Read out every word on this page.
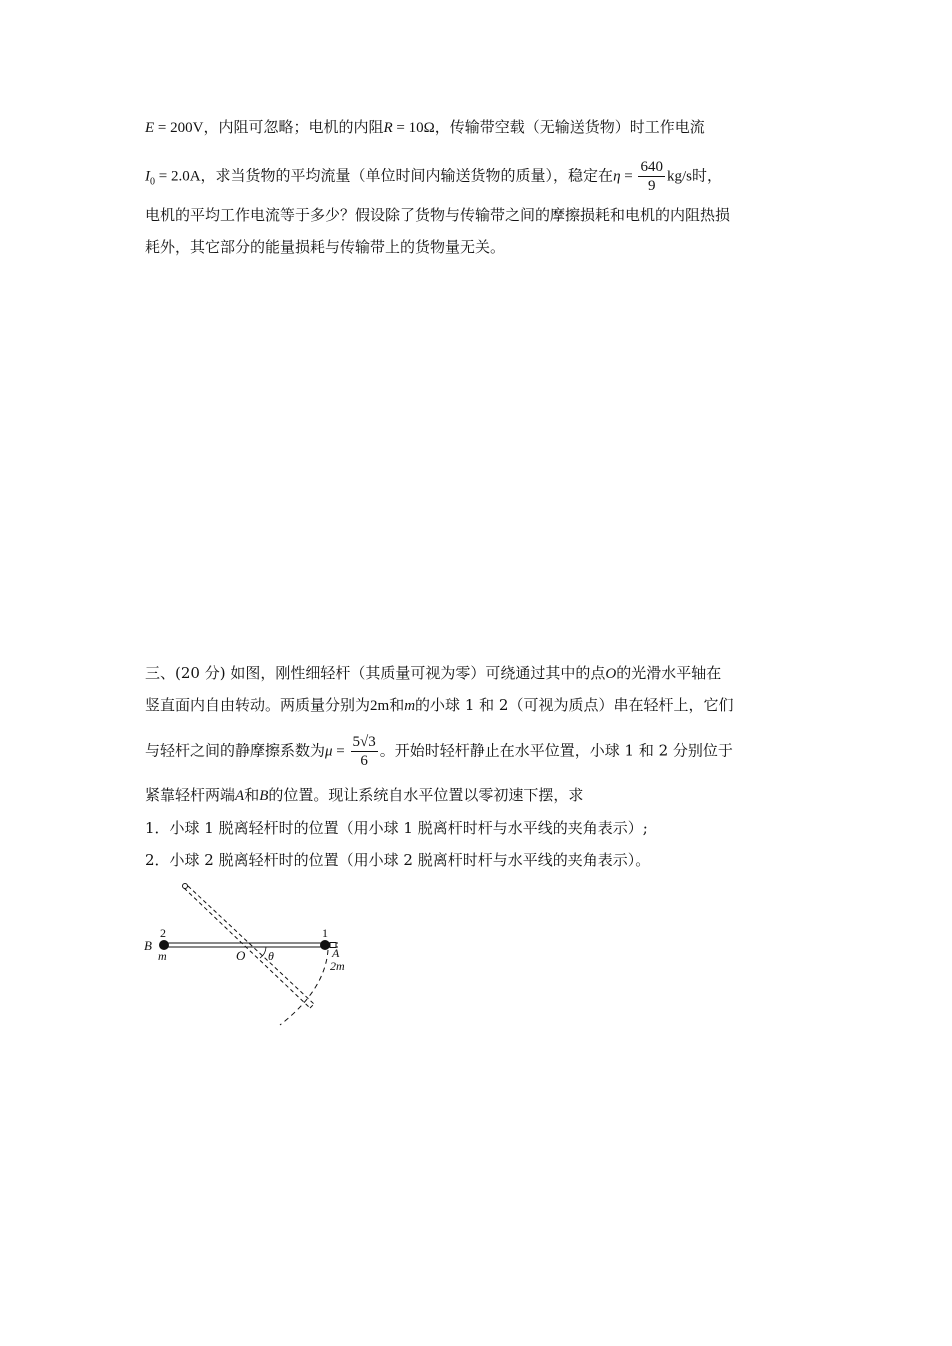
E = 200V，内阻可忽略；电机的内阻R = 10Ω，传输带空载（无输送货物）时工作电流
$I_0 = 2.0A$，求当货物的平均流量（单位时间内输送货物的质量），稳定在$\eta = \frac{640}{9} kg/s$时，
电机的平均工作电流等于多少？假设除了货物与传输带之间的摩擦损耗和电机的内阻热损
耗外，其它部分的能量损耗与传输带上的货物量无关。
三、(20 分) 如图，刚性细轻杆（其质量可视为零）可绕通过其中的点O的光滑水平轴在
竖直面内自由转动。两质量分别为2m和m的小球 1 和 2（可视为质点）串在轻杆上，它们
与轻杆之间的静摩擦系数为$\mu = \frac{5√3}{6}$ 。开始时轻杆静止在水平位置，小球 1 和 2 分别位于
紧靠轻杆两端A和B的位置。现让系统自水平位置以零初速下摆，求
1．小球 1 脱离轻杆时的位置（用小球 1 脱离杆时杆与水平线的夹角表示）;
2．小球 2 脱离轻杆时的位置（用小球 2 脱离杆时杆与水平线的夹角表示）。
B
2
m	O θ
1
A
2m
